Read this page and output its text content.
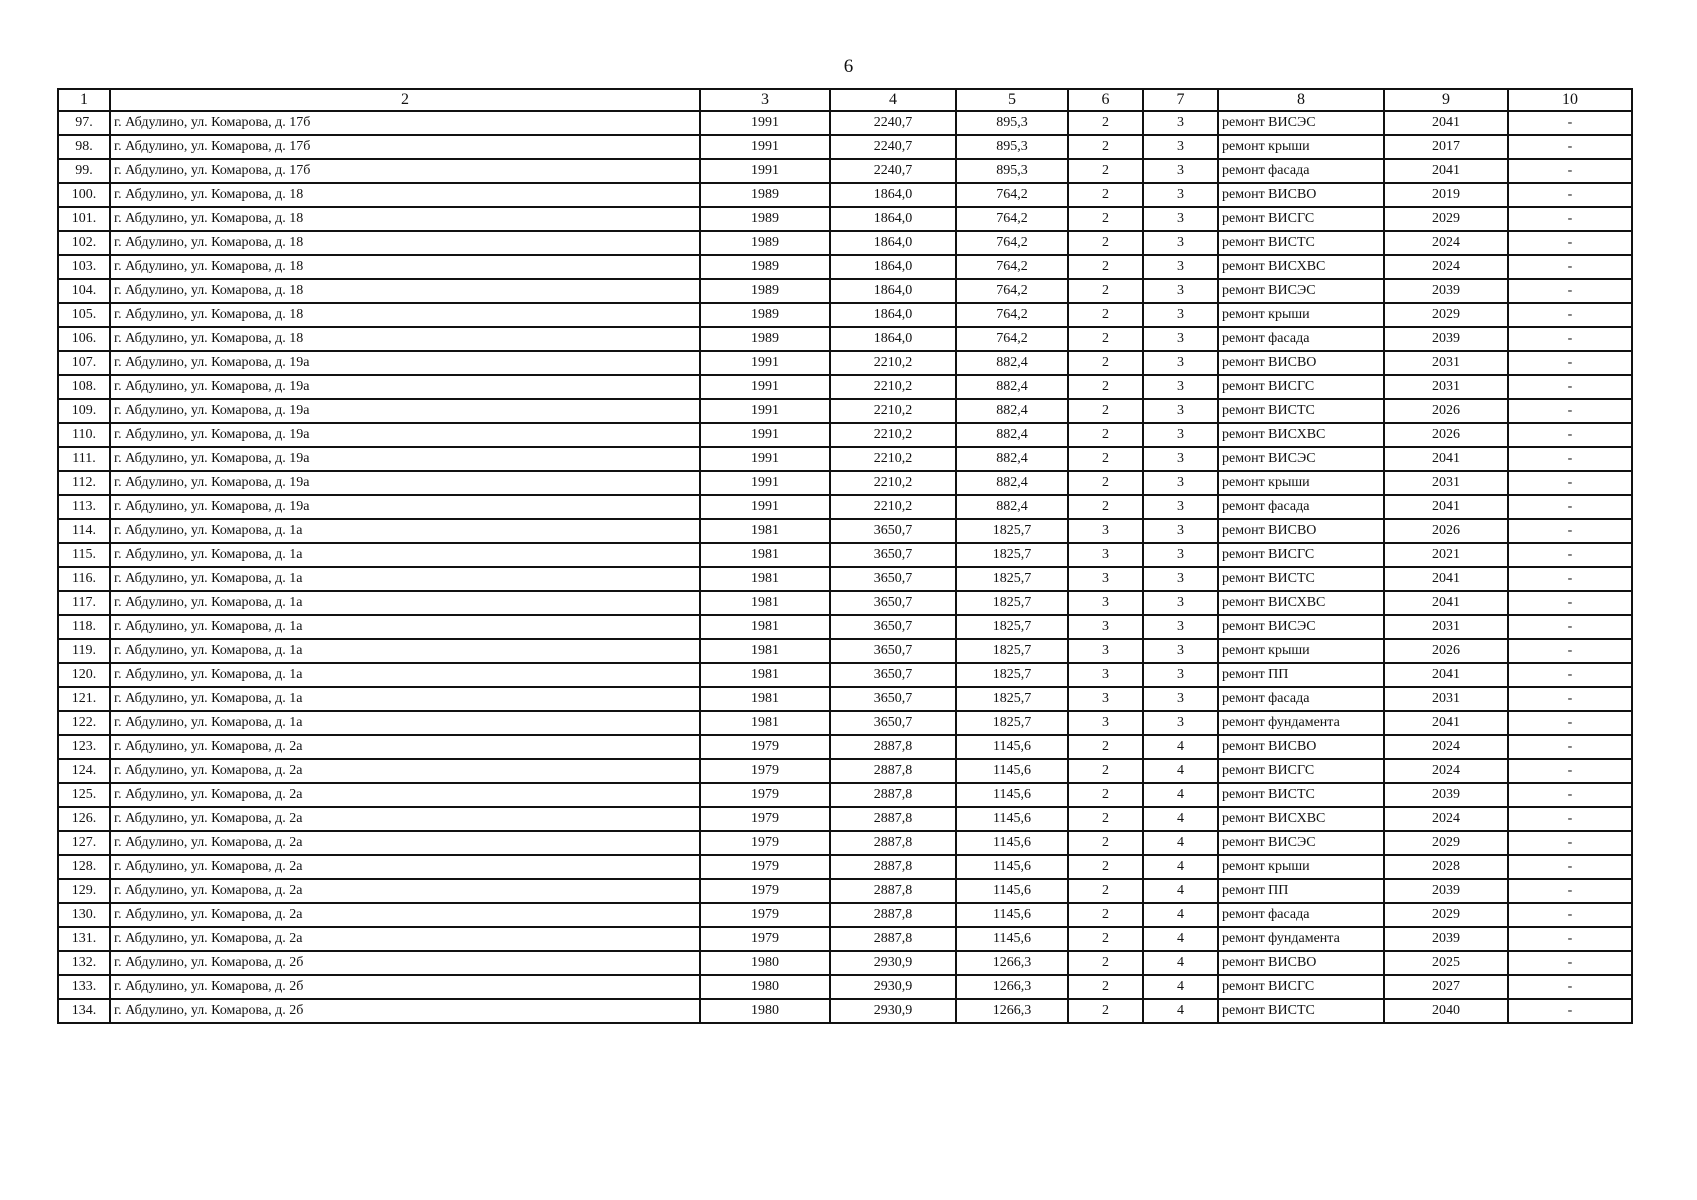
6
1	2	3	4	5	6	7	8	9	10
97.	г. Абдулино, ул. Комарова, д. 17б	1991	2240,7	895,3	2	3	ремонт ВИСЭС	2041	-
98.	г. Абдулино, ул. Комарова, д. 17б	1991	2240,7	895,3	2	3	ремонт крыши	2017	-
99.	г. Абдулино, ул. Комарова, д. 17б	1991	2240,7	895,3	2	3	ремонт фасада	2041	-
100.	г. Абдулино, ул. Комарова, д. 18	1989	1864,0	764,2	2	3	ремонт ВИСВО	2019	-
101.	г. Абдулино, ул. Комарова, д. 18	1989	1864,0	764,2	2	3	ремонт ВИСГС	2029	-
102.	г. Абдулино, ул. Комарова, д. 18	1989	1864,0	764,2	2	3	ремонт ВИСТС	2024	-
103.	г. Абдулино, ул. Комарова, д. 18	1989	1864,0	764,2	2	3	ремонт ВИСХВС	2024	-
104.	г. Абдулино, ул. Комарова, д. 18	1989	1864,0	764,2	2	3	ремонт ВИСЭС	2039	-
105.	г. Абдулино, ул. Комарова, д. 18	1989	1864,0	764,2	2	3	ремонт крыши	2029	-
106.	г. Абдулино, ул. Комарова, д. 18	1989	1864,0	764,2	2	3	ремонт фасада	2039	-
107.	г. Абдулино, ул. Комарова, д. 19а	1991	2210,2	882,4	2	3	ремонт ВИСВО	2031	-
108.	г. Абдулино, ул. Комарова, д. 19а	1991	2210,2	882,4	2	3	ремонт ВИСГС	2031	-
109.	г. Абдулино, ул. Комарова, д. 19а	1991	2210,2	882,4	2	3	ремонт ВИСТС	2026	-
110.	г. Абдулино, ул. Комарова, д. 19а	1991	2210,2	882,4	2	3	ремонт ВИСХВС	2026	-
111.	г. Абдулино, ул. Комарова, д. 19а	1991	2210,2	882,4	2	3	ремонт ВИСЭС	2041	-
112.	г. Абдулино, ул. Комарова, д. 19а	1991	2210,2	882,4	2	3	ремонт крыши	2031	-
113.	г. Абдулино, ул. Комарова, д. 19а	1991	2210,2	882,4	2	3	ремонт фасада	2041	-
114.	г. Абдулино, ул. Комарова, д. 1а	1981	3650,7	1825,7	3	3	ремонт ВИСВО	2026	-
115.	г. Абдулино, ул. Комарова, д. 1а	1981	3650,7	1825,7	3	3	ремонт ВИСГС	2021	-
116.	г. Абдулино, ул. Комарова, д. 1а	1981	3650,7	1825,7	3	3	ремонт ВИСТС	2041	-
117.	г. Абдулино, ул. Комарова, д. 1а	1981	3650,7	1825,7	3	3	ремонт ВИСХВС	2041	-
118.	г. Абдулино, ул. Комарова, д. 1а	1981	3650,7	1825,7	3	3	ремонт ВИСЭС	2031	-
119.	г. Абдулино, ул. Комарова, д. 1а	1981	3650,7	1825,7	3	3	ремонт крыши	2026	-
120.	г. Абдулино, ул. Комарова, д. 1а	1981	3650,7	1825,7	3	3	ремонт ПП	2041	-
121.	г. Абдулино, ул. Комарова, д. 1а	1981	3650,7	1825,7	3	3	ремонт фасада	2031	-
122.	г. Абдулино, ул. Комарова, д. 1а	1981	3650,7	1825,7	3	3	ремонт фундамента	2041	-
123.	г. Абдулино, ул. Комарова, д. 2а	1979	2887,8	1145,6	2	4	ремонт ВИСВО	2024	-
124.	г. Абдулино, ул. Комарова, д. 2а	1979	2887,8	1145,6	2	4	ремонт ВИСГС	2024	-
125.	г. Абдулино, ул. Комарова, д. 2а	1979	2887,8	1145,6	2	4	ремонт ВИСТС	2039	-
126.	г. Абдулино, ул. Комарова, д. 2а	1979	2887,8	1145,6	2	4	ремонт ВИСХВС	2024	-
127.	г. Абдулино, ул. Комарова, д. 2а	1979	2887,8	1145,6	2	4	ремонт ВИСЭС	2029	-
128.	г. Абдулино, ул. Комарова, д. 2а	1979	2887,8	1145,6	2	4	ремонт крыши	2028	-
129.	г. Абдулино, ул. Комарова, д. 2а	1979	2887,8	1145,6	2	4	ремонт ПП	2039	-
130.	г. Абдулино, ул. Комарова, д. 2а	1979	2887,8	1145,6	2	4	ремонт фасада	2029	-
131.	г. Абдулино, ул. Комарова, д. 2а	1979	2887,8	1145,6	2	4	ремонт фундамента	2039	-
132.	г. Абдулино, ул. Комарова, д. 2б	1980	2930,9	1266,3	2	4	ремонт ВИСВО	2025	-
133.	г. Абдулино, ул. Комарова, д. 2б	1980	2930,9	1266,3	2	4	ремонт ВИСГС	2027	-
134.	г. Абдулино, ул. Комарова, д. 2б	1980	2930,9	1266,3	2	4	ремонт ВИСТС	2040	-
